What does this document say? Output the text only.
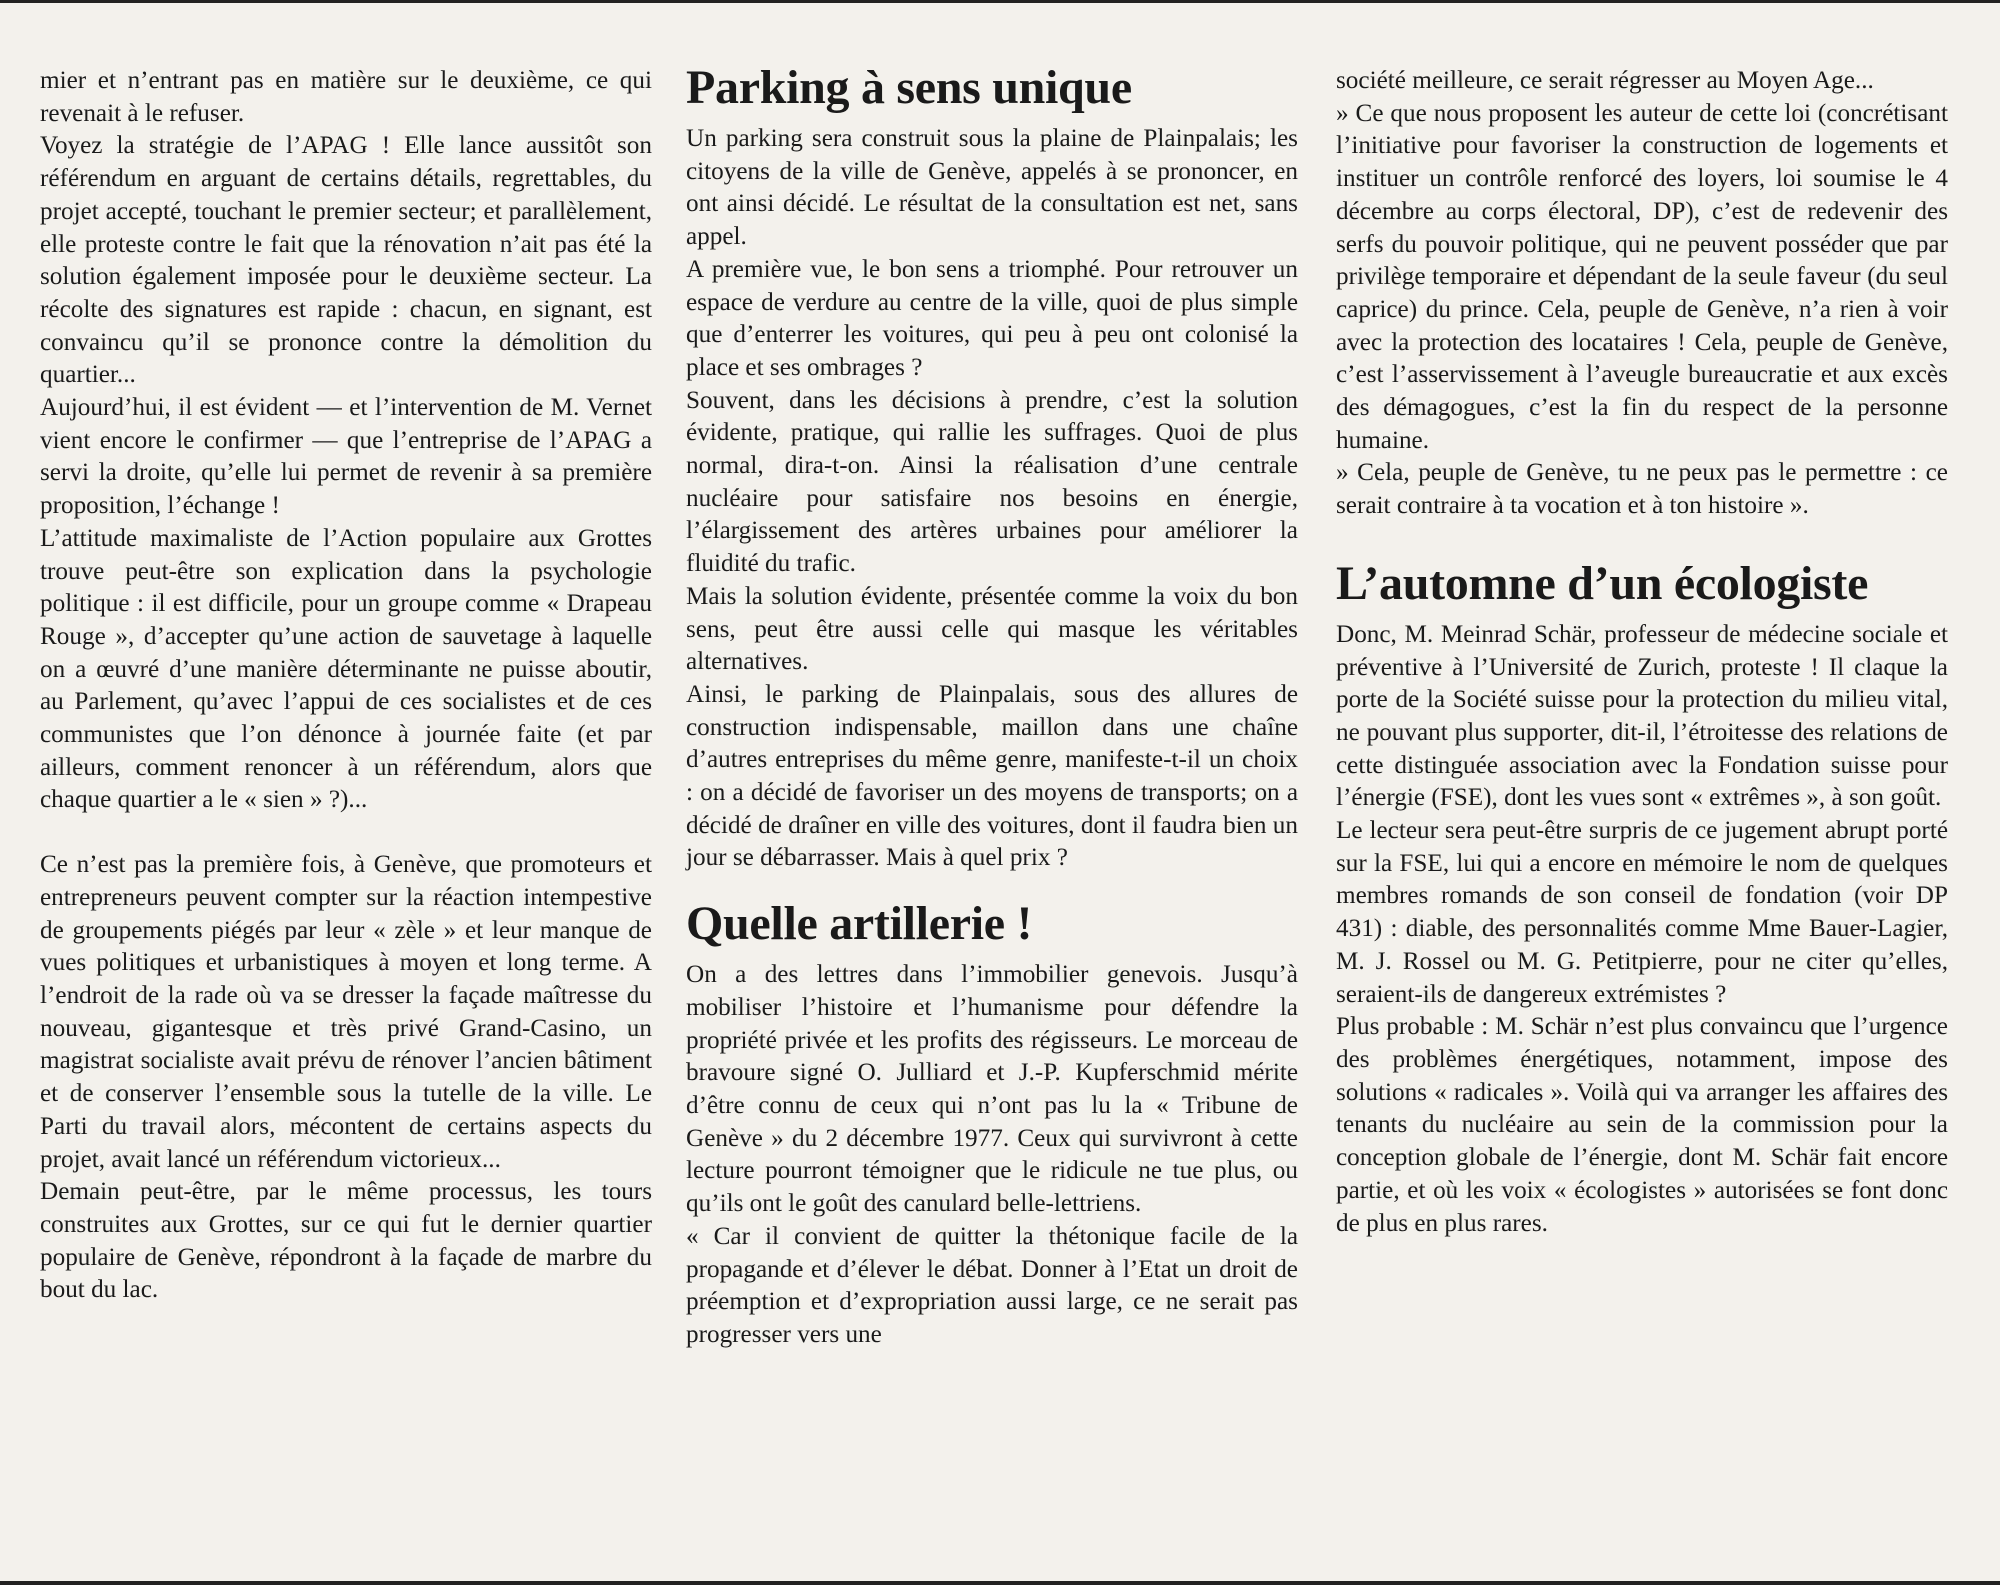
mier et n’entrant pas en matière sur le deuxième, ce qui revenait à le refuser.

Voyez la stratégie de l’APAG ! Elle lance aussitôt son référendum en arguant de certains détails, regrettables, du projet accepté, touchant le premier secteur; et parallèlement, elle proteste contre le fait que la rénovation n’ait pas été la solution également imposée pour le deuxième secteur. La récolte des signatures est rapide : chacun, en signant, est convaincu qu’il se prononce contre la démolition du quartier...

Aujourd’hui, il est évident — et l’intervention de M. Vernet vient encore le confirmer — que l’entreprise de l’APAG a servi la droite, qu’elle lui permet de revenir à sa première proposition, l’échange !

L’attitude maximaliste de l’Action populaire aux Grottes trouve peut-être son explication dans la psychologie politique : il est difficile, pour un groupe comme « Drapeau Rouge », d’accepter qu’une action de sauvetage à laquelle on a œuvré d’une manière déterminante ne puisse aboutir, au Parlement, qu’avec l’appui de ces socialistes et de ces communistes que l’on dénonce à journée faite (et par ailleurs, comment renoncer à un référendum, alors que chaque quartier a le « sien » ?)...

Ce n’est pas la première fois, à Genève, que promoteurs et entrepreneurs peuvent compter sur la réaction intempestive de groupements piégés par leur « zèle » et leur manque de vues politiques et urbanistiques à moyen et long terme. A l’endroit de la rade où va se dresser la façade maîtresse du nouveau, gigantesque et très privé Grand-Casino, un magistrat socialiste avait prévu de rénover l’ancien bâtiment et de conserver l’ensemble sous la tutelle de la ville. Le Parti du travail alors, mécontent de certains aspects du projet, avait lancé un référendum victorieux...

Demain peut-être, par le même processus, les tours construites aux Grottes, sur ce qui fut le dernier quartier populaire de Genève, répondront à la façade de marbre du bout du lac.

Parking à sens unique

Un parking sera construit sous la plaine de Plainpalais; les citoyens de la ville de Genève, appelés à se prononcer, en ont ainsi décidé. Le résultat de la consultation est net, sans appel.

A première vue, le bon sens a triomphé. Pour retrouver un espace de verdure au centre de la ville, quoi de plus simple que d’enterrer les voitures, qui peu à peu ont colonisé la place et ses ombrages ?

Souvent, dans les décisions à prendre, c’est la solution évidente, pratique, qui rallie les suffrages. Quoi de plus normal, dira-t-on. Ainsi la réalisation d’une centrale nucléaire pour satisfaire nos besoins en énergie, l’élargissement des artères urbaines pour améliorer la fluidité du trafic.

Mais la solution évidente, présentée comme la voix du bon sens, peut être aussi celle qui masque les véritables alternatives.

Ainsi, le parking de Plainpalais, sous des allures de construction indispensable, maillon dans une chaîne d’autres entreprises du même genre, manifeste-t-il un choix : on a décidé de favoriser un des moyens de transports; on a décidé de draîner en ville des voitures, dont il faudra bien un jour se débarrasser. Mais à quel prix ?

Quelle artillerie !

On a des lettres dans l’immobilier genevois. Jusqu’à mobiliser l’histoire et l’humanisme pour défendre la propriété privée et les profits des régisseurs. Le morceau de bravoure signé O. Julliard et J.-P. Kupferschmid mérite d’être connu de ceux qui n’ont pas lu la « Tribune de Genève » du 2 décembre 1977. Ceux qui survivront à cette lecture pourront témoigner que le ridicule ne tue plus, ou qu’ils ont le goût des canulard belle-lettriens.

« Car il convient de quitter la thétonique facile de la propagande et d’élever le débat. Donner à l’Etat un droit de préemption et d’expropriation aussi large, ce ne serait pas progresser vers une

société meilleure, ce serait régresser au Moyen Age...

» Ce que nous proposent les auteur de cette loi (concrétisant l’initiative pour favoriser la construction de logements et instituer un contrôle renforcé des loyers, loi soumise le 4 décembre au corps électoral, DP), c’est de redevenir des serfs du pouvoir politique, qui ne peuvent posséder que par privilège temporaire et dépendant de la seule faveur (du seul caprice) du prince. Cela, peuple de Genève, n’a rien à voir avec la protection des locataires ! Cela, peuple de Genève, c’est l’asservissement à l’aveugle bureaucratie et aux excès des démagogues, c’est la fin du respect de la personne humaine.

» Cela, peuple de Genève, tu ne peux pas le permettre : ce serait contraire à ta vocation et à ton histoire ».

L’automne d’un écologiste

Donc, M. Meinrad Schär, professeur de médecine sociale et préventive à l’Université de Zurich, proteste ! Il claque la porte de la Société suisse pour la protection du milieu vital, ne pouvant plus supporter, dit-il, l’étroitesse des relations de cette distinguée association avec la Fondation suisse pour l’énergie (FSE), dont les vues sont « extrêmes », à son goût.

Le lecteur sera peut-être surpris de ce jugement abrupt porté sur la FSE, lui qui a encore en mémoire le nom de quelques membres romands de son conseil de fondation (voir DP 431) : diable, des personnalités comme Mme Bauer-Lagier, M. J. Rossel ou M. G. Petitpierre, pour ne citer qu’elles, seraient-ils de dangereux extrémistes ?

Plus probable : M. Schär n’est plus convaincu que l’urgence des problèmes énergétiques, notamment, impose des solutions « radicales ». Voilà qui va arranger les affaires des tenants du nucléaire au sein de la commission pour la conception globale de l’énergie, dont M. Schär fait encore partie, et où les voix « écologistes » autorisées se font donc de plus en plus rares.
